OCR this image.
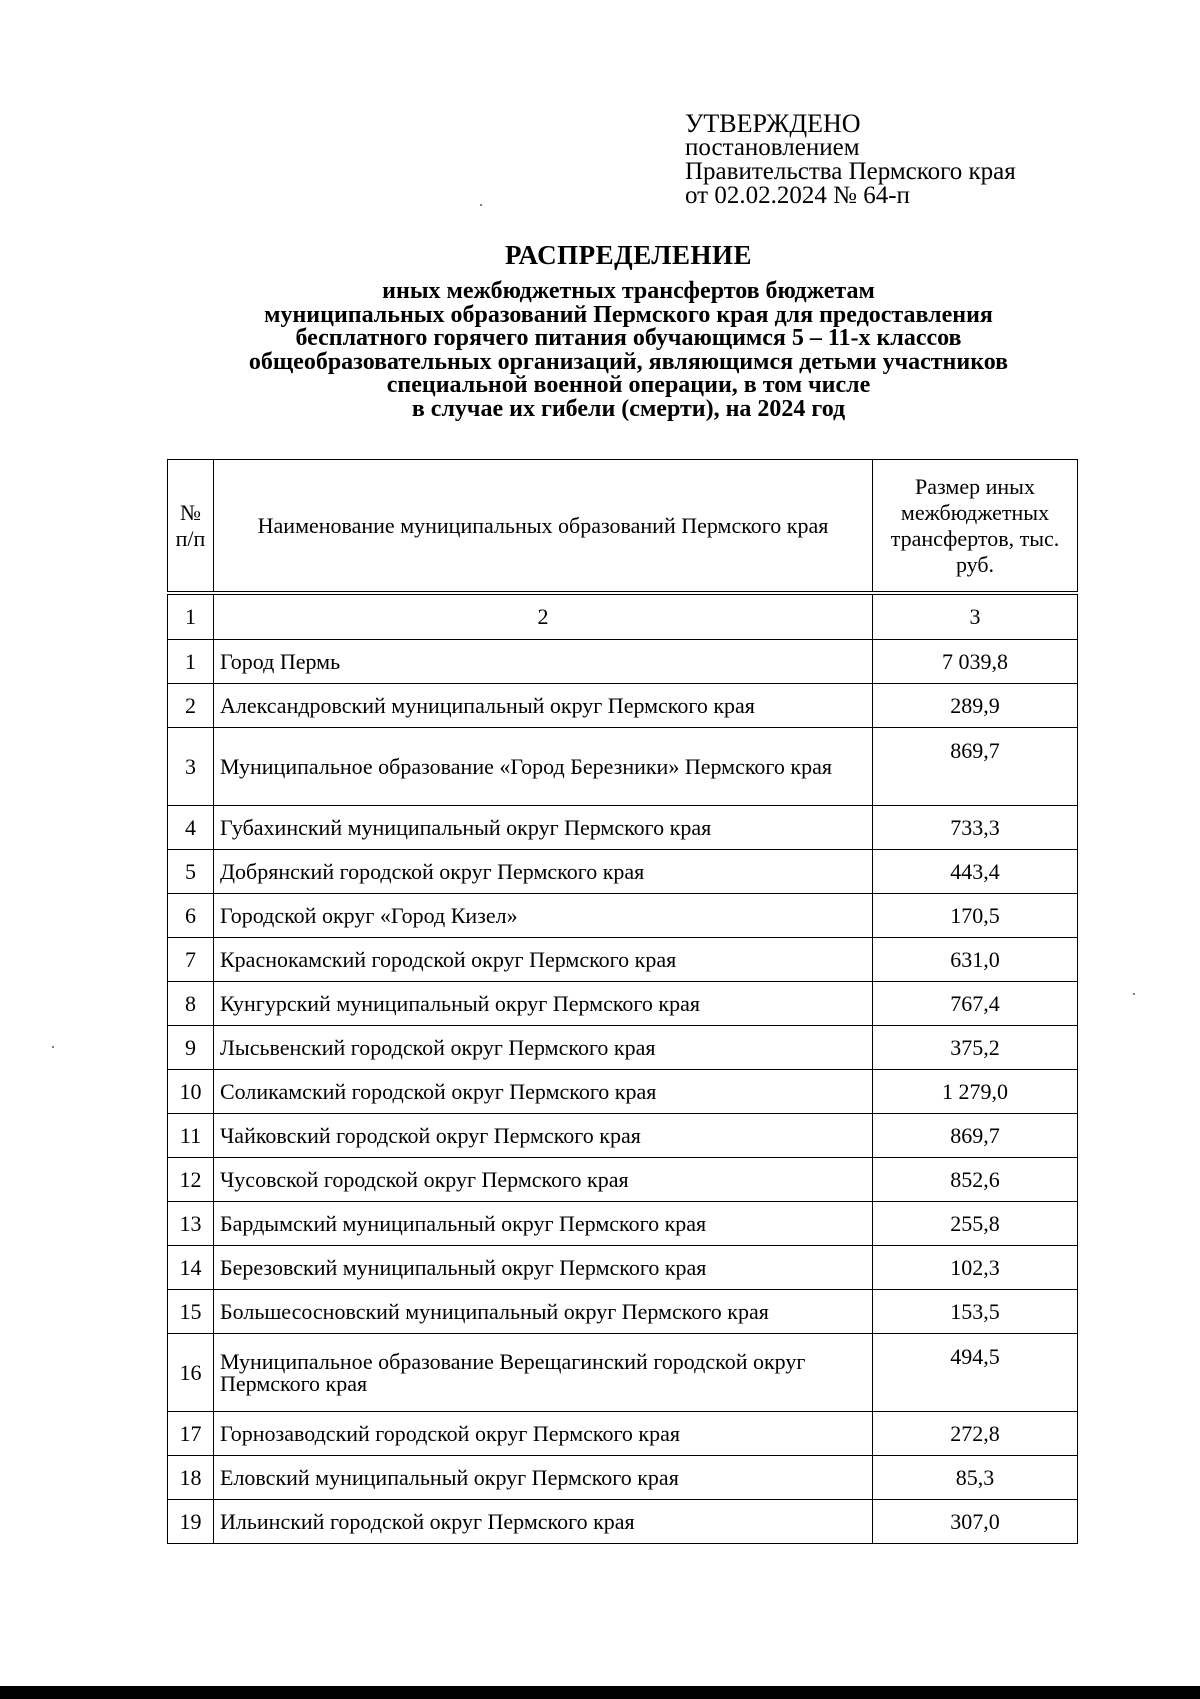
УТВЕРЖДЕНО
постановлением
Правительства Пермского края
от 02.02.2024 № 64-п
РАСПРЕДЕЛЕНИЕ
иных межбюджетных трансфертов бюджетам
муниципальных образований Пермского края для предоставления
бесплатного горячего питания обучающимся 5 – 11-х классов
общеобразовательных организаций, являющимся детьми участников
специальной военной операции, в том числе
в случае их гибели (смерти), на 2024 год
№ п/п	Наименование муниципальных образований Пермского края	Размер иных межбюджетных трансфертов, тыс. руб.
1	2	3
1	Город Пермь	7 039,8
2	Александровский муниципальный округ Пермского края	289,9
3	Муниципальное образование «Город Березники» Пермского края	869,7
4	Губахинский муниципальный округ Пермского края	733,3
5	Добрянский городской округ Пермского края	443,4
6	Городской округ «Город Кизел»	170,5
7	Краснокамский городской округ Пермского края	631,0
8	Кунгурский муниципальный округ Пермского края	767,4
9	Лысьвенский городской округ Пермского края	375,2
10	Соликамский городской округ Пермского края	1 279,0
11	Чайковский городской округ Пермского края	869,7
12	Чусовской городской округ Пермского края	852,6
13	Бардымский муниципальный округ Пермского края	255,8
14	Березовский муниципальный округ Пермского края	102,3
15	Большесосновский муниципальный округ Пермского края	153,5
16	Муниципальное образование Верещагинский городской округ Пермского края	494,5
17	Горнозаводский городской округ Пермского края	272,8
18	Еловский муниципальный округ Пермского края	85,3
19	Ильинский городской округ Пермского края	307,0
